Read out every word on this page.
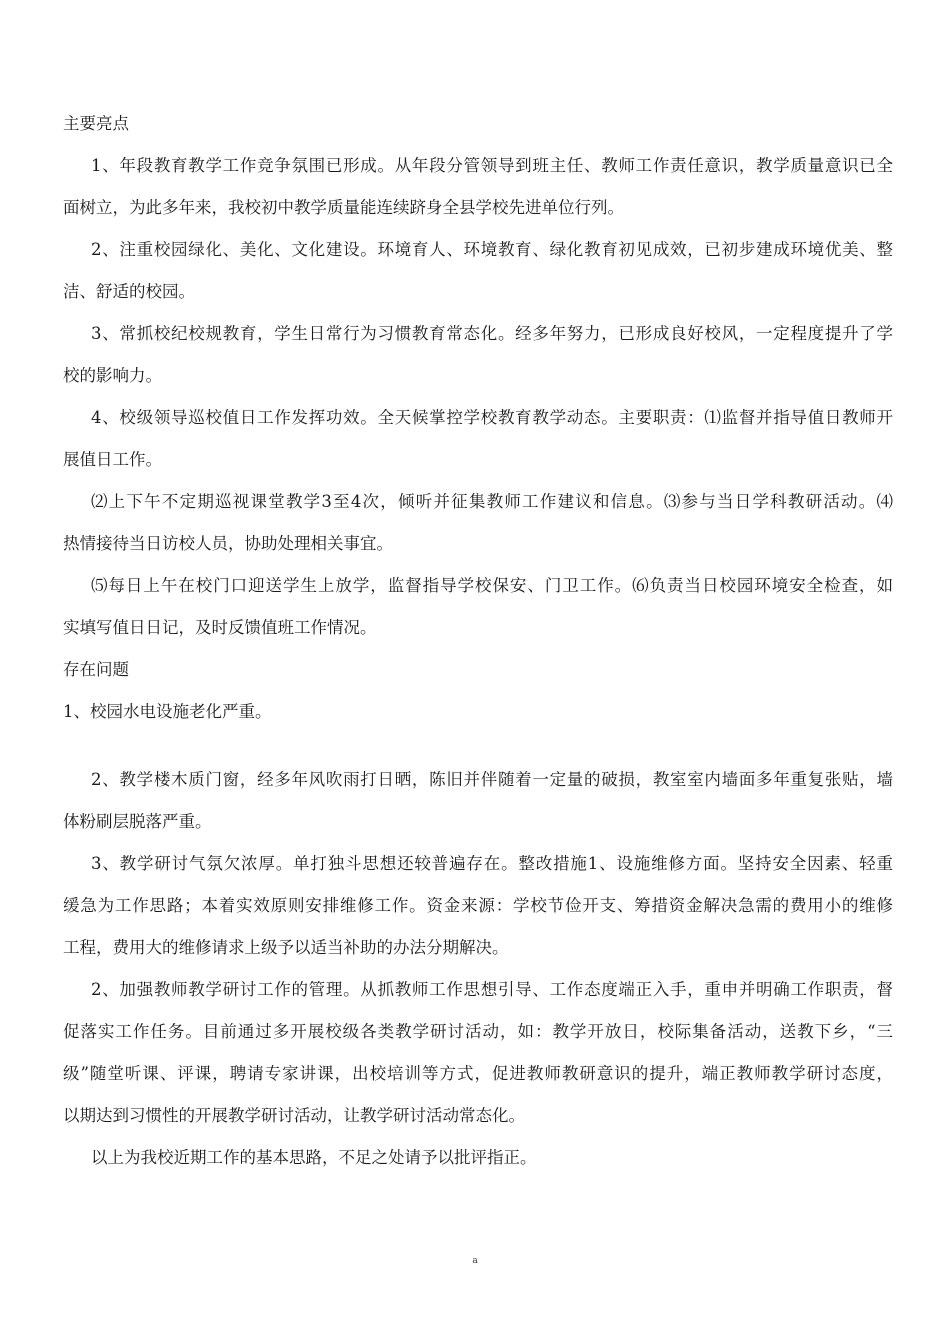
主要亮点

1、年段教育教学工作竞争氛围已形成。从年段分管领导到班主任、教师工作责任意识，教学质量意识已全

面树立，为此多年来，我校初中教学质量能连续跻身全县学校先进单位行列。

2、注重校园绿化、美化、文化建设。环境育人、环境教育、绿化教育初见成效，已初步建成环境优美、整

洁、舒适的校园。

3、常抓校纪校规教育，学生日常行为习惯教育常态化。经多年努力，已形成良好校风，一定程度提升了学

校的影响力。

4、校级领导巡校值日工作发挥功效。全天候掌控学校教育教学动态。主要职责：⑴监督并指导值日教师开

展值日工作。

⑵上下午不定期巡视课堂教学3至4次，倾听并征集教师工作建议和信息。⑶参与当日学科教研活动。⑷

热情接待当日访校人员，协助处理相关事宜。

⑸每日上午在校门口迎送学生上放学，监督指导学校保安、门卫工作。⑹负责当日校园环境安全检查，如

实填写值日日记，及时反馈值班工作情况。

存在问题

1、校园水电设施老化严重。

2、教学楼木质门窗，经多年风吹雨打日晒，陈旧并伴随着一定量的破损，教室室内墙面多年重复张贴，墙

体粉刷层脱落严重。

3、教学研讨气氛欠浓厚。单打独斗思想还较普遍存在。整改措施1、设施维修方面。坚持安全因素、轻重

缓急为工作思路；本着实效原则安排维修工作。资金来源：学校节俭开支、筹措资金解决急需的费用小的维修

工程，费用大的维修请求上级予以适当补助的办法分期解决。

2、加强教师教学研讨工作的管理。从抓教师工作思想引导、工作态度端正入手，重申并明确工作职责，督

促落实工作任务。目前通过多开展校级各类教学研讨活动，如：教学开放日，校际集备活动，送教下乡，“三

级”随堂听课、评课，聘请专家讲课，出校培训等方式，促进教师教研意识的提升，端正教师教学研讨态度，

以期达到习惯性的开展教学研讨活动，让教学研讨活动常态化。

以上为我校近期工作的基本思路，不足之处请予以批评指正。

a
